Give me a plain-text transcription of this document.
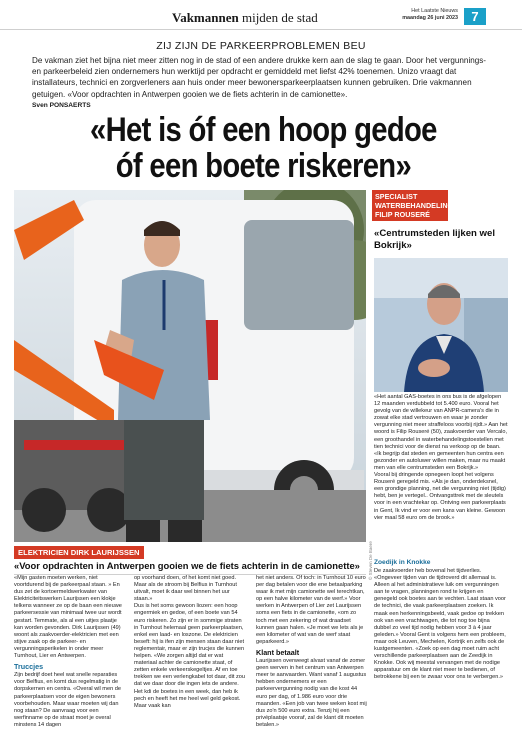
Vakmannen mijden de stad	Het Laatste Nieuws
maandag 26 juni 2023	7
ZIJ ZIJN DE PARKEERPROBLEMEN BEU
De vakman ziet het bijna niet meer zitten nog in de stad of een andere drukke kern aan de slag te gaan. Door het vergunnings- en parkeerbeleid zien ondernemers hun werktijd per opdracht er gemiddeld met liefst 42% toenemen. Unizo vraagt dat installateurs, technici en zorgverleners aan huis onder meer bewonersparkeerplaatsen kunnen gebruiken. Drie vakmannen getuigen. «Voor opdrachten in Antwerpen gooien we de fiets achterin in de camionette».
Sven PONSAERTS
«Het is óf een hoop gedoe
óf een boete riskeren»
ELEKTRICIEN DIRK LAURIJSSEN
«Voor opdrachten in Antwerpen gooien we de fiets achterin in de camionette»

«Mijn gasten moeten werken, niet voortdurend bij de parkeerpaal staan. » En dus zet de kortoermeldwerkwater van Elektriciteitswerken Laurijssen een klokje telkens wanneer ze op de baan een nieuwe parkeersessie van minimaal twee uur wordt gestart. Temmate, als al een uitjes plaatje kan worden gevonden. Dirk Laurijssen (49) woont als zaakvoerder-elektricien met een stijve zaak op de parkeer- en vergunningsperikelen in onder meer Turnhout, Lier en Antwerpen.

Truccjes

Zijn bedrijf doet heel wat snelle reparaties voor Belfius, en komt dus regelmatig in de dorpskernen en centra. «Overal wil men de parkeerplaatsen voor de eigen bewoners voorbehouden. Maar waar moeten wij dan nog staan? De aanvraag voor een werfinname op de straat moet je overal minstens 14 dagen

op voorhand doen, of het komt niet goed. Maar als de stroom bij Belfius in Turnhout uitvalt, moet ik daar wel binnen het uur staan.»

Dus is het soms gewoon liozen: een hoop engermiek en gedoe, of een boete van 54 euro riskeren. Zo zijn er in sommige straten in Turnhout helemaal geen parkeerplaatsen, enkel een laad- en loszone. De elektricien beseft: hij is ifen zijn mensen staan daar niet reglementair, maar er zijn trucjes die kunnen helpen. «We zorgen altijd dat er wat materiaal achter de camionette staat, of zetten enkele verkeerskegeltjes. Af en toe trekken we een verlengkabel tot daar, dit zou dat we daar door die ingen iets de andere. Het kdi de boetes in een week, dan heb ik pech en heeft het me heel wel geld gekost. Maar vaak kan

het niet anders. Of toch: in Turnhout 10 euro per dag betalen voor die ene betaalparking waar ik met mijn camionette wel terechtkan, op een halve kilometer van de werf.» Voor werken in Antwerpen of Lier zet Laurijssen soms een fiets in de camionette, «om zo toch met een zekering of wat draadset kunnen gaan halen. «Je moet we lets als je een kilometer of wat van de werf staat geparkeerd.»

Klant betaalt

Laurijssen overweegt alvast vanaf de zomer geen werven in het centrum van Antwerpen meer te aanvaarden. Want vanaf 1 augustus hebben ondernemers er een parkeervergunning nodig van die kost 44 euro per dag, of 1.986 euro voor drie maanden. «Een job van twee weken kost mij dus zo'n 500 euro extra. Tenzij hij een privéplaatsje vooraf, zal de klant dit moeten betalen.»

SPECIALIST WATERBEHANDELING FILIP ROUSERÉ
«Centrumsteden lijken wel Bokrijk»
© Steven De Baere

«Het aantal GAS-boetes in ons bus is de afgelopen 12 maanden verdubbeld tot 5.400 euro. Vooral het gevolg van de willekeur van ANPR-camera's die in zowat elke stad vertrouwen en waar je zonder vergunning niet meer straffeloos voorbij rijdt.» Aan het woord is Filip Rouseré (50), zaakvoerder van Vercalo, een groothandel in waterbehandelingstoestellen met tien technici voor de dienst na verkoop op de baan. «Ik begrijp dat steden en gemeenten hun centra een gezonder en autoluwer willen maken, maar nu maakt men van elle centrumsteden een Bokrijk.»

Vooral bij dringende opnegeen loopt het volgens Rouseré geregeld mis. «Als je dan, onderdeksnel, een grondige planning, net die vergunning niet (tijdig) hebt, ben je vertegel.. Ontvangsttrek met de sleutels voor in een vrachtekar op. Ontving een parkeerplaats in Gent, Ik vind er voor een kans van kleine. Gewoon vier maal 58 euro om de brook.»

Zoedijk in Knokke

De zaakvoerder heb bovenal het tijdverlies. «Ongeveer tijden van de tijdroverd dit allemaal is. Alleen al het administratieve luik om vergunningen aan te vragen, planningen rond te krijgen en genegeld ook boetes aan te vechten. Laat staan voor de technici, die vaak parkeerplaatsen zoeken. Ik maak een herkenningsbeeld, vaak gedoe op trekken ook van een vrachtwagen, die tot nog toe bijna dubbel zo veel tijd nodig hebben voor 3 à 4 jaar geleden.» Vooral Gent is volgens hem een probleem, maar ook Leuven, Mechelen, Kortrijk en zelfs ook de kustgemeenten. «Zoek op een dag moet ruim acht verschillende parkeerplaatsen aan de Zeedijk in Knokke. Ook wij meestal vervangen met de nodige apparatuur om de klant niet meer te bedienen, of betrokkene bij een te zwaar voor ons te verbergen.»
